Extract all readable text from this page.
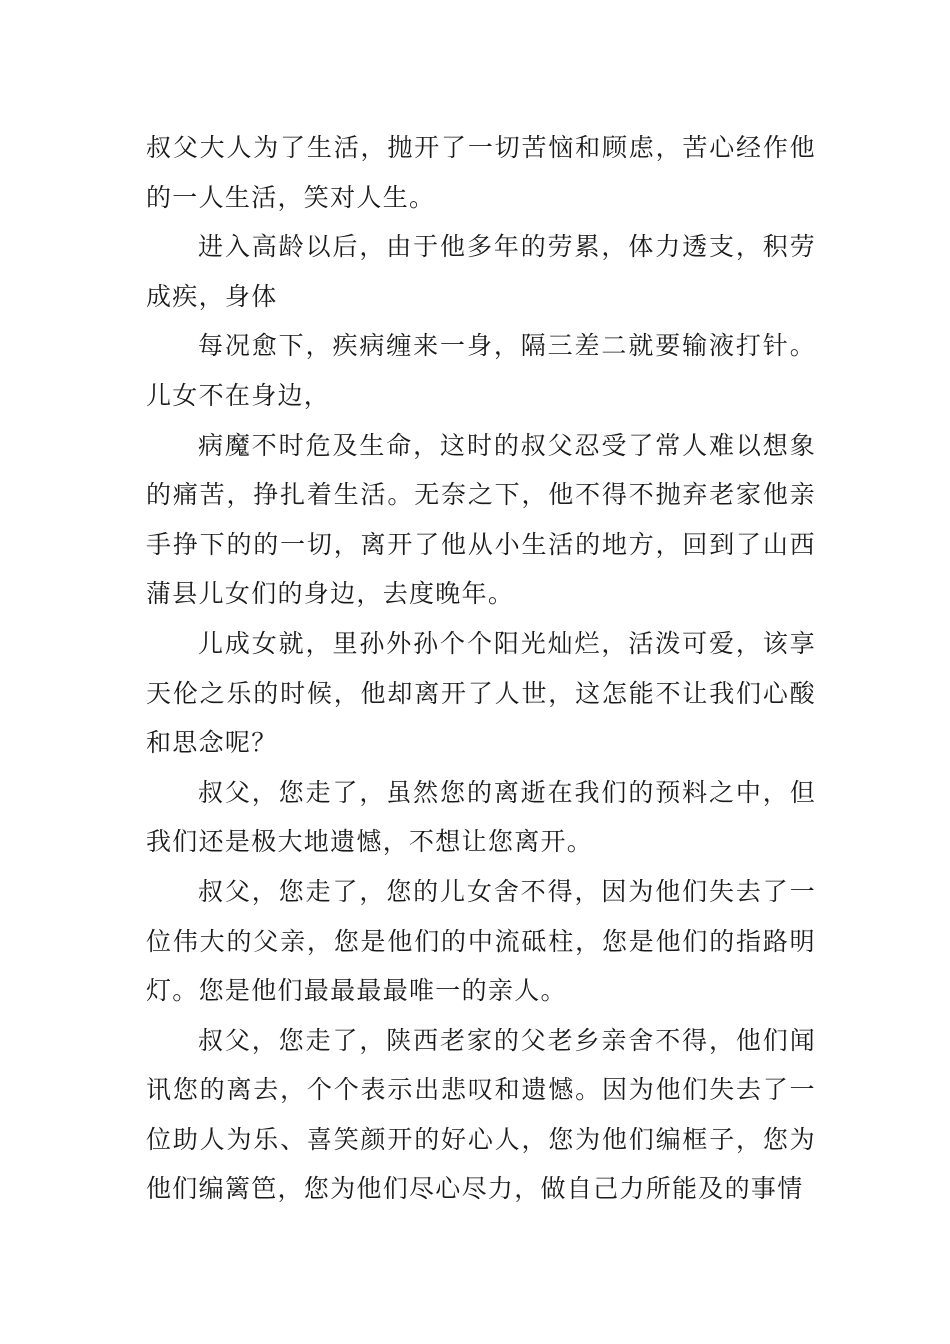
叔父大人为了生活，抛开了一切苦恼和顾虑，苦心经作他的一人生活，笑对人生。

进入高龄以后，由于他多年的劳累，体力透支，积劳成疾，身体

每况愈下，疾病缠来一身，隔三差二就要输液打针。儿女不在身边，

病魔不时危及生命，这时的叔父忍受了常人难以想象的痛苦，挣扎着生活。无奈之下，他不得不抛弃老家他亲手挣下的的一切，离开了他从小生活的地方，回到了山西蒲县儿女们的身边，去度晚年。

儿成女就，里孙外孙个个阳光灿烂，活泼可爱，该享天伦之乐的时候，他却离开了人世，这怎能不让我们心酸和思念呢？

叔父，您走了，虽然您的离逝在我们的预料之中，但我们还是极大地遗憾，不想让您离开。

叔父，您走了，您的儿女舍不得，因为他们失去了一位伟大的父亲，您是他们的中流砥柱，您是他们的指路明灯。您是他们最最最最唯一的亲人。

叔父，您走了，陕西老家的父老乡亲舍不得，他们闻讯您的离去，个个表示出悲叹和遗憾。因为他们失去了一位助人为乐、喜笑颜开的好心人，您为他们编框子，您为他们编篱笆，您为他们尽心尽力，做自己力所能及的事情
